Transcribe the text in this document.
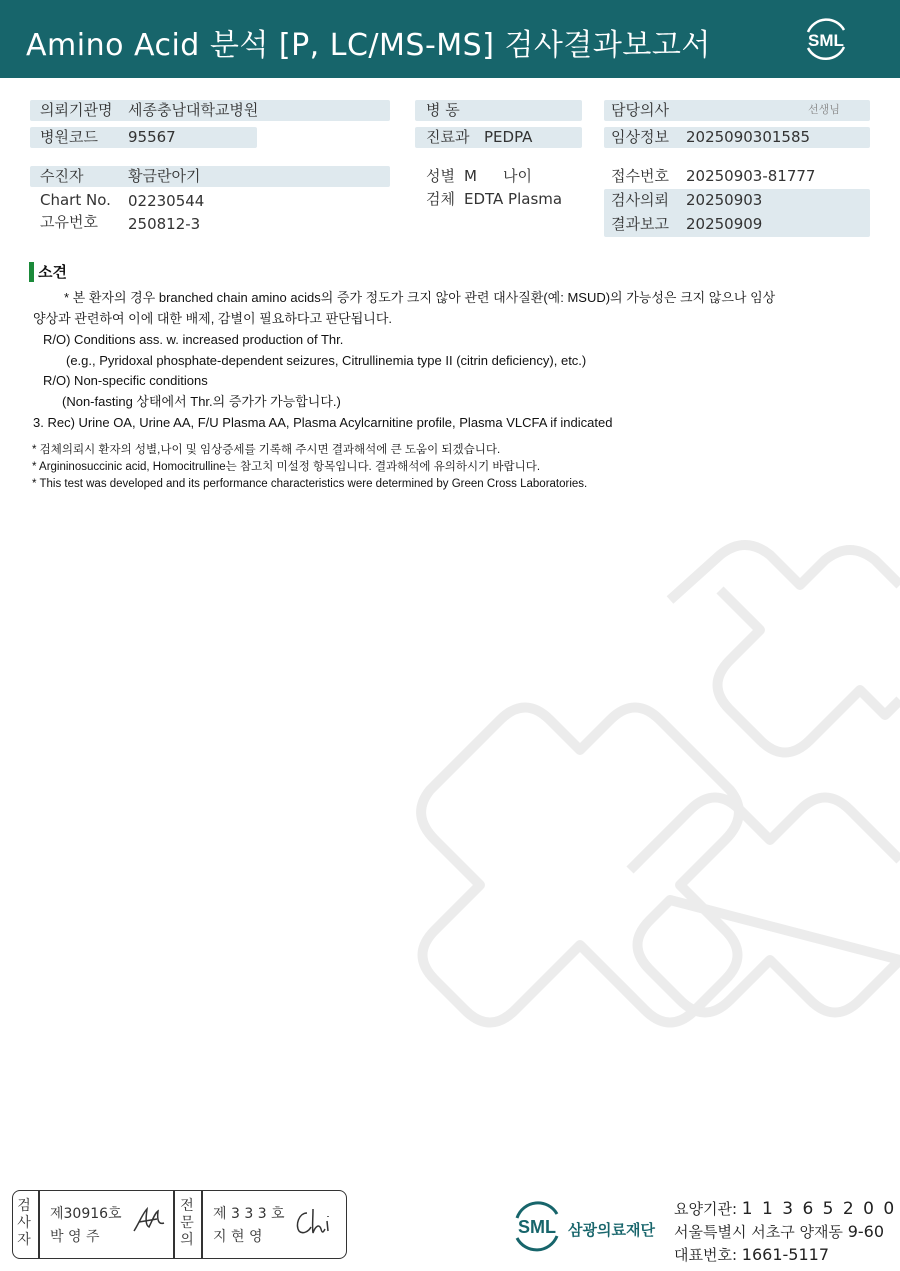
Amino Acid 분석 [P, LC/MS-MS] 검사결과보고서	SML
의뢰기관명 세종충남대학교병원
병원코드 95567
병 동
진료과 PEDPA
담당의사	선생님
임상정보 2025090301585
수진자	황금란아기
Chart No. 02230544
고유번호 250812-3
성별 M 나이
검체 EDTA Plasma
접수번호 20250903-81777
검사의뢰 20250903
결과보고 20250909
소견
* 본 환자의 경우 branched chain amino acids의 증가 정도가 크지 않아 관련 대사질환(예: MSUD)의 가능성은 크지 않으나 임상
양상과 관련하여 이에 대한 배제, 감별이 필요하다고 판단됩니다.
R/O) Conditions ass. w. increased production of Thr.
(e.g., Pyridoxal phosphate-dependent seizures, Citrullinemia type II (citrin deficiency), etc.)
R/O) Non-specific conditions
(Non-fasting 상태에서 Thr.의 증가가 가능합니다.)
3. Rec) Urine OA, Urine AA, F/U Plasma AA, Plasma Acylcarnitine profile, Plasma VLCFA if indicated
* 검체의뢰시 환자의 성별,나이 및 임상증세를 기록해 주시면 결과해석에 큰 도움이 되겠습니다.
* Argininosuccinic acid, Homocitrulline는 참고치 미설정 항목입니다. 결과해석에 유의하시기 바랍니다.
* This test was developed and its performance characteristics were determined by Green Cross Laboratories.
검
사
자
제30916호
박 영 주
전
문
의
제 3 3 3 호
지 현 영	SML 삼광의료재단
요양기관: 1 1 3 6 5 2 0 0
서울특별시 서초구 양재동 9-60
대표번호: 1661-5117
